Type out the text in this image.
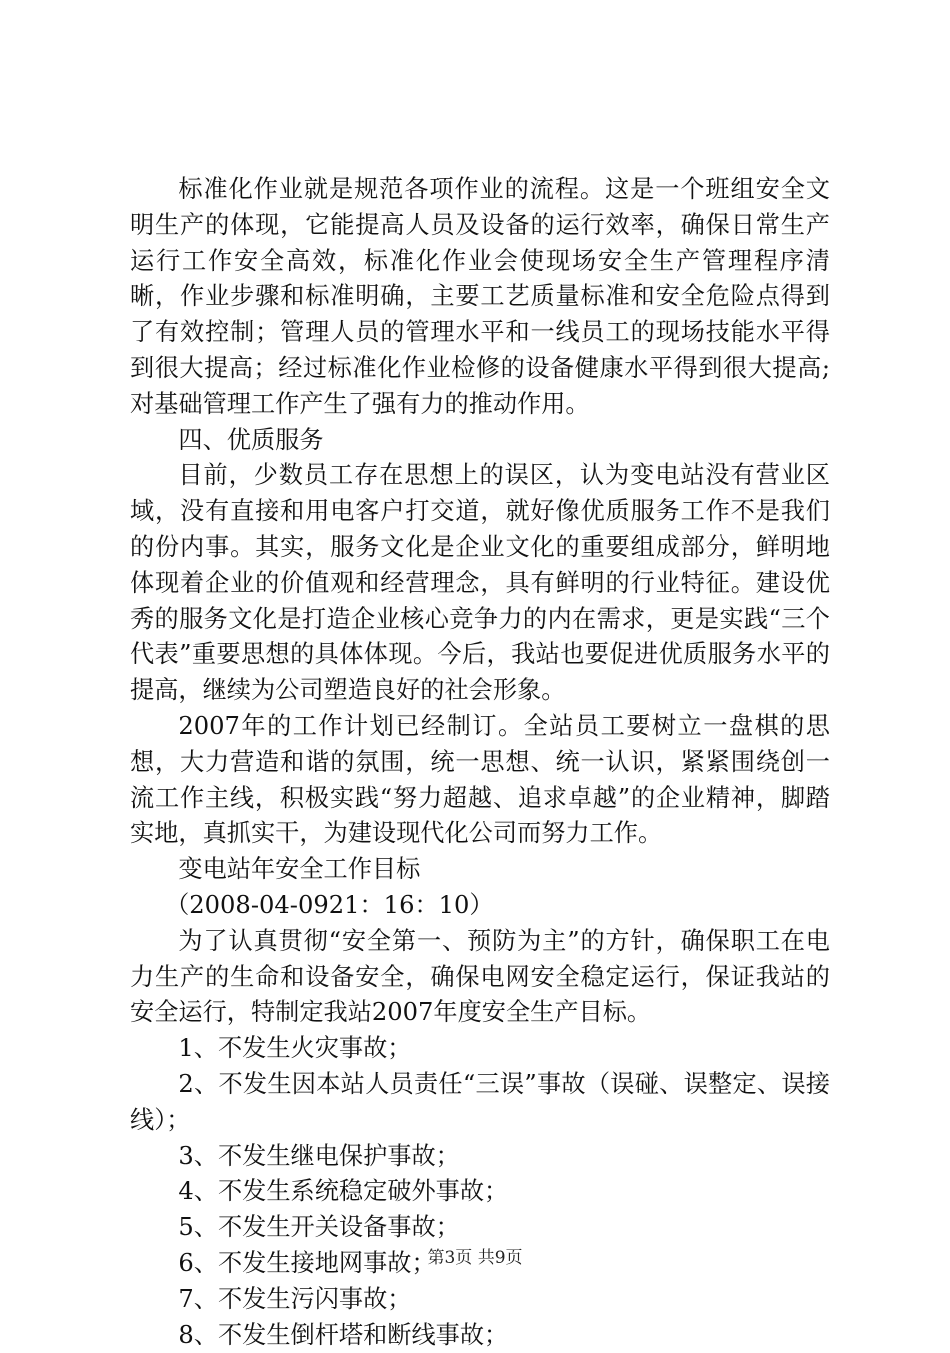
标准化作业就是规范各项作业的流程。这是一个班组安全文明生产的体现，它能提高人员及设备的运行效率，确保日常生产运行工作安全高效，标准化作业会使现场安全生产管理程序清晰，作业步骤和标准明确，主要工艺质量标准和安全危险点得到了有效控制；管理人员的管理水平和一线员工的现场技能水平得到很大提高；经过标准化作业检修的设备健康水平得到很大提高;对基础管理工作产生了强有力的推动作用。

四、优质服务

目前，少数员工存在思想上的误区，认为变电站没有营业区域，没有直接和用电客户打交道，就好像优质服务工作不是我们的份内事。其实，服务文化是企业文化的重要组成部分，鲜明地体现着企业的价值观和经营理念，具有鲜明的行业特征。建设优秀的服务文化是打造企业核心竞争力的内在需求，更是实践“三个代表”重要思想的具体体现。今后，我站也要促进优质服务水平的提高，继续为公司塑造良好的社会形象。

2007年的工作计划已经制订。全站员工要树立一盘棋的思想，大力营造和谐的氛围，统一思想、统一认识，紧紧围绕创一流工作主线，积极实践“努力超越、追求卓越”的企业精神，脚踏实地，真抓实干，为建设现代化公司而努力工作。

变电站年安全工作目标

（2008-04-0921：16：10）

为了认真贯彻“安全第一、预防为主”的方针，确保职工在电力生产的生命和设备安全，确保电网安全稳定运行，保证我站的安全运行，特制定我站2007年度安全生产目标。

1、不发生火灾事故；

2、不发生因本站人员责任“三误”事故（误碰、误整定、误接线）；

3、不发生继电保护事故；

4、不发生系统稳定破外事故；

5、不发生开关设备事故；

6、不发生接地网事故；

7、不发生污闪事故；

8、不发生倒杆塔和断线事故；

第3页 共9页
